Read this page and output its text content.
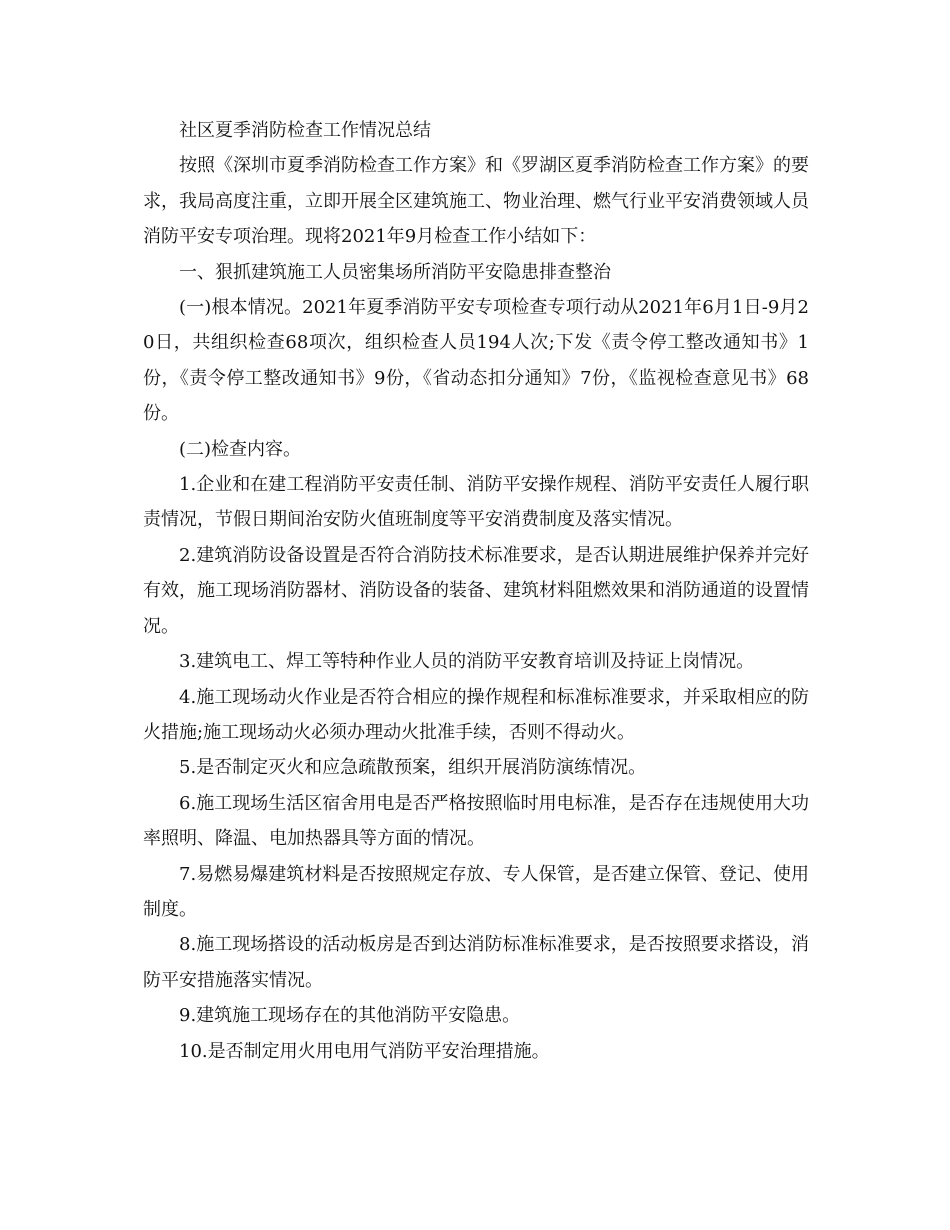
社区夏季消防检查工作情况总结

按照《深圳市夏季消防检查工作方案》和《罗湖区夏季消防检查工作方案》的要求，我局高度注重，立即开展全区建筑施工、物业治理、燃气行业平安消费领域人员消防平安专项治理。现将2021年9月检查工作小结如下：

一、狠抓建筑施工人员密集场所消防平安隐患排查整治

(一)根本情况。2021年夏季消防平安专项检查专项行动从2021年6月1日-9月20日，共组织检查68项次，组织检查人员194人次;下发《责令停工整改通知书》1份，《责令停工整改通知书》9份，《省动态扣分通知》7份，《监视检查意见书》68份。

(二)检查内容。

1.企业和在建工程消防平安责任制、消防平安操作规程、消防平安责任人履行职责情况，节假日期间治安防火值班制度等平安消费制度及落实情况。

2.建筑消防设备设置是否符合消防技术标准要求，是否认期进展维护保养并完好有效，施工现场消防器材、消防设备的装备、建筑材料阻燃效果和消防通道的设置情况。

3.建筑电工、焊工等特种作业人员的消防平安教育培训及持证上岗情况。

4.施工现场动火作业是否符合相应的操作规程和标准标准要求，并采取相应的防火措施;施工现场动火必须办理动火批准手续，否则不得动火。

5.是否制定灭火和应急疏散预案，组织开展消防演练情况。

6.施工现场生活区宿舍用电是否严格按照临时用电标准，是否存在违规使用大功率照明、降温、电加热器具等方面的情况。

7.易燃易爆建筑材料是否按照规定存放、专人保管，是否建立保管、登记、使用制度。

8.施工现场搭设的活动板房是否到达消防标准标准要求，是否按照要求搭设，消防平安措施落实情况。

9.建筑施工现场存在的其他消防平安隐患。

10.是否制定用火用电用气消防平安治理措施。
